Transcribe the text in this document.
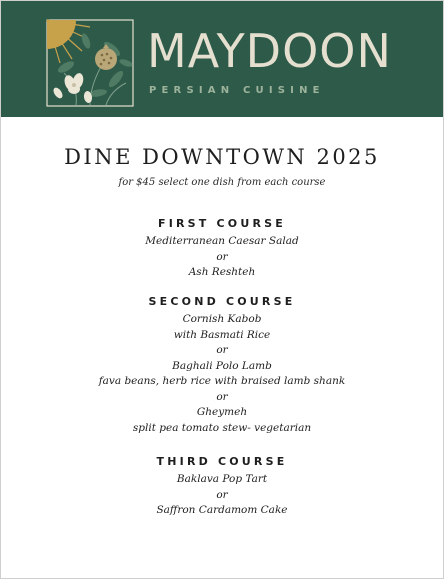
MAYDOON
PERSIAN CUISINE
DINE DOWNTOWN 2025
for $45 select one dish from each course
FIRST COURSE
Mediterranean Caesar Salad
or
Ash Reshteh
SECOND COURSE
Cornish Kabob
with Basmati Rice
or
Baghali Polo Lamb
fava beans, herb rice with braised lamb shank
or
Gheymeh
split pea tomato stew- vegetarian
THIRD COURSE
Baklava Pop Tart
or
Saffron Cardamom Cake
